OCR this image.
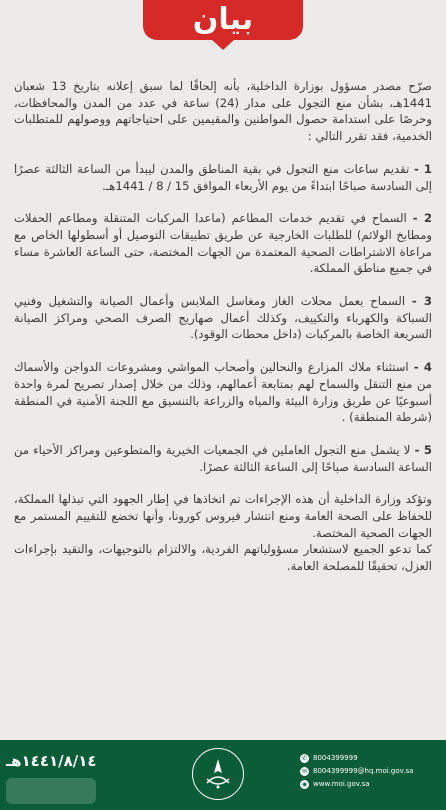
بيان

صرّح مصدر مسؤول بوزارة الداخلية، بأنه إلحاقًا لما سبق إعلانه بتاريخ 13 شعبان 1441هـ، بشأن منع التجول على مدار (24) ساعة في عدد من المدن والمحافظات، وحرصًا على استدامة حصول المواطنين والمقيمين على احتياجاتهم ووصولهم للمتطلبات الخدمية، فقد تقرر التالي :

1 - تقديم ساعات منع التجول في بقية المناطق والمدن ليبدأ من الساعة الثالثة عصرًا إلى السادسة صباحًا ابتداءً من يوم الأربعاء الموافق 15 / 8 / 1441هـ.

2 - السماح في تقديم خدمات المطاعم (ماعدا المركبات المتنقلة ومطاعم الحفلات ومطابخ الولائم) للطلبات الخارجية عن طريق تطبيقات التوصيل أو أسطولها الخاص مع مراعاة الاشتراطات الصحية المعتمدة من الجهات المختصة، حتى الساعة العاشرة مساء في جميع مناطق المملكة.

3 - السماح بعمل محلات الغاز ومغاسل الملابس وأعمال الصيانة والتشغيل وفنيي السباكة والكهرباء والتكييف، وكذلك أعمال صهاريج الصرف الصحي ومراكز الصيانة السريعة الخاصة بالمركبات (داخل محطات الوقود).

4 - استثناء ملاك المزارع والنحالين وأصحاب المواشي ومشروعات الدواجن والأسماك من منع التنقل والسماح لهم بمتابعة أعمالهم، وذلك من خلال إصدار تصريح لمرة واحدة أسبوعيًا عن طريق وزارة البيئة والمياه والزراعة بالتنسيق مع اللجنة الأمنية في المنطقة (شرطة المنطقة) .

5 - لا يشمل منع التجول العاملين في الجمعيات الخيرية والمتطوعين ومراكز الأحياء من الساعة السادسة صباحًا إلى الساعة الثالثة عصرًا.

وتؤكد وزارة الداخلية أن هذه الإجراءات تم اتخاذها في إطار الجهود التي تبذلها المملكة، للحفاظ على الصحة العامة ومنع انتشار فيروس كورونا، وأنها تخضع للتقييم المستمر مع الجهات الصحية المختصة.

كما تدعو الجميع لاستشعار مسؤولياتهم الفردية، والالتزام بالتوجيهات، والتقيد بإجراءات العزل، تحقيقًا للمصلحة العامة.

١٤٤١/٨/١٤هـ	✆ 8004399999
✉ 8004399999@hq.moi.gov.sa
◉ www.moi.gov.sa
